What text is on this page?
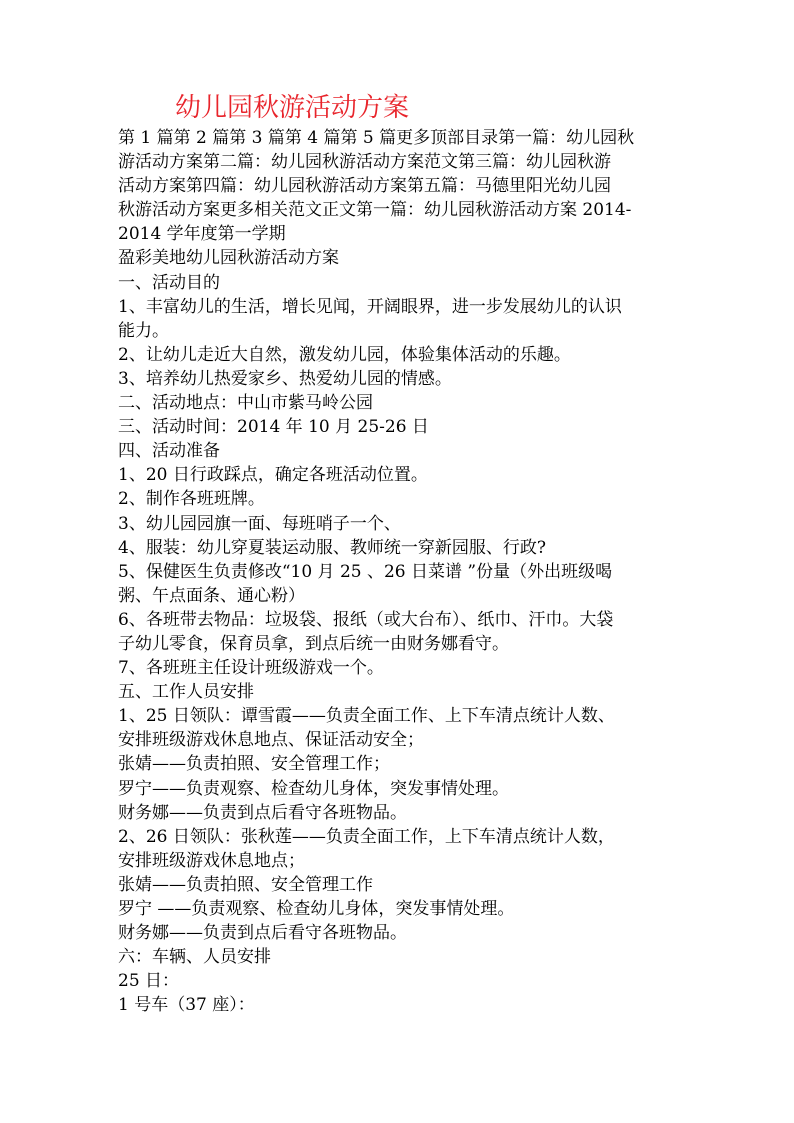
幼儿园秋游活动方案
第 1 篇第 2 篇第 3 篇第 4 篇第 5 篇更多顶部目录第一篇：幼儿园秋
游活动方案第二篇：幼儿园秋游活动方案范文第三篇：幼儿园秋游
活动方案第四篇：幼儿园秋游活动方案第五篇：马德里阳光幼儿园
秋游活动方案更多相关范文正文第一篇：幼儿园秋游活动方案 2014-
2014 学年度第一学期
盈彩美地幼儿园秋游活动方案
一、活动目的
1、丰富幼儿的生活，增长见闻，开阔眼界，进一步发展幼儿的认识
能力。
2、让幼儿走近大自然，激发幼儿园，体验集体活动的乐趣。
3、培养幼儿热爱家乡、热爱幼儿园的情感。
二、活动地点：中山市紫马岭公园
三、活动时间：2014 年 10 月 25-26 日
四、活动准备
1、20 日行政踩点，确定各班活动位置。
2、制作各班班牌。
3、幼儿园园旗一面、每班哨子一个、
4、服装：幼儿穿夏装运动服、教师统一穿新园服、行政?
5、保健医生负责修改“10 月 25 、26 日菜谱 ”份量（外出班级喝
粥、午点面条、通心粉）
6、各班带去物品：垃圾袋、报纸（或大台布）、纸巾、汗巾。大袋
子幼儿零食，保育员拿，到点后统一由财务娜看守。
7、各班班主任设计班级游戏一个。
五、工作人员安排
1、25 日领队：谭雪霞——负责全面工作、上下车清点统计人数、
安排班级游戏休息地点、保证活动安全；
张婧——负责拍照、安全管理工作；
罗宁——负责观察、检查幼儿身体，突发事情处理。
财务娜——负责到点后看守各班物品。
2、26 日领队：张秋莲——负责全面工作，上下车清点统计人数，
安排班级游戏休息地点；
张婧——负责拍照、安全管理工作
罗宁 ——负责观察、检查幼儿身体，突发事情处理。
财务娜——负责到点后看守各班物品。
六：车辆、人员安排
25 日：
1 号车（37 座）：
